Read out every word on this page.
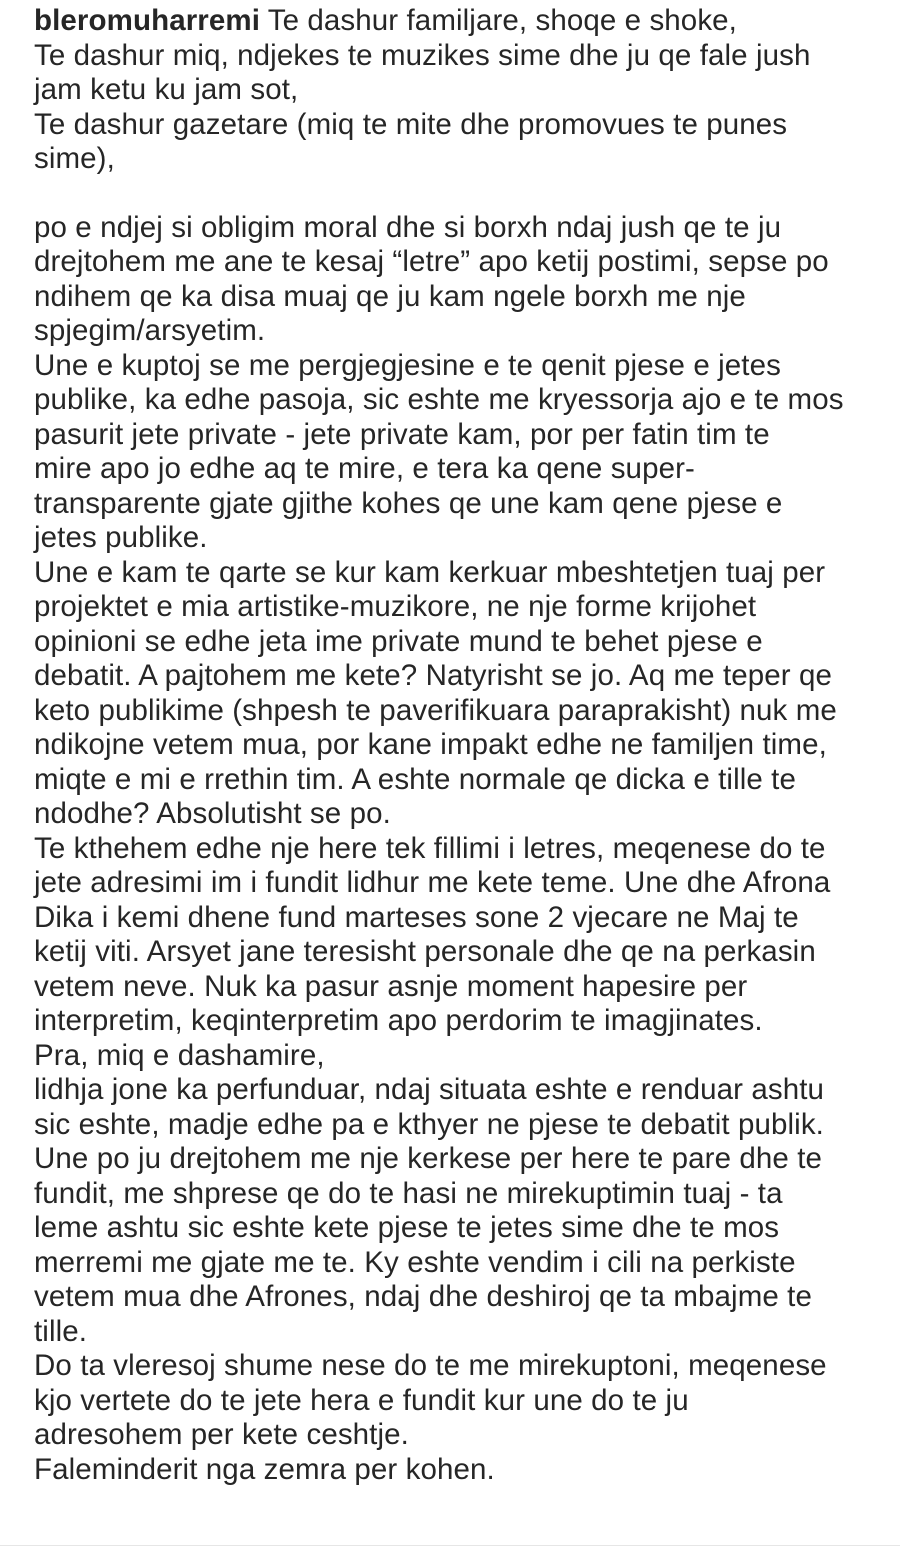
bleromuharremi Te dashur familjare, shoqe e shoke,

Te dashur miq, ndjekes te muzikes sime dhe ju qe fale jush
jam ketu ku jam sot,

Te dashur gazetare (miq te mite dhe promovues te punes
sime),

po e ndjej si obligim moral dhe si borxh ndaj jush qe te ju
drejtohem me ane te kesaj “letre” apo ketij postimi, sepse po
ndihem qe ka disa muaj qe ju kam ngele borxh me nje
spjegim/arsyetim.

Une e kuptoj se me pergjegjesine e te qenit pjese e jetes
publike, ka edhe pasoja, sic eshte me kryessorja ajo e te mos
pasurit jete private - jete private kam, por per fatin tim te
mire apo jo edhe aq te mire, e tera ka qene super-
transparente gjate gjithe kohes qe une kam qene pjese e
jetes publike.

Une e kam te qarte se kur kam kerkuar mbeshtetjen tuaj per
projektet e mia artistike-muzikore, ne nje forme krijohet
opinioni se edhe jeta ime private mund te behet pjese e
debatit. A pajtohem me kete? Natyrisht se jo. Aq me teper qe
keto publikime (shpesh te paverifikuara paraprakisht) nuk me
ndikojne vetem mua, por kane impakt edhe ne familjen time,
miqte e mi e rrethin tim. A eshte normale qe dicka e tille te
ndodhe? Absolutisht se po.

Te kthehem edhe nje here tek fillimi i letres, meqenese do te
jete adresimi im i fundit lidhur me kete teme. Une dhe Afrona
Dika i kemi dhene fund marteses sone 2 vjecare ne Maj te
ketij viti. Arsyet jane teresisht personale dhe qe na perkasin
vetem neve. Nuk ka pasur asnje moment hapesire per
interpretim, keqinterpretim apo perdorim te imagjinates.

Pra, miq e dashamire,

lidhja jone ka perfunduar, ndaj situata eshte e renduar ashtu
sic eshte, madje edhe pa e kthyer ne pjese te debatit publik.

Une po ju drejtohem me nje kerkese per here te pare dhe te
fundit, me shprese qe do te hasi ne mirekuptimin tuaj - ta
leme ashtu sic eshte kete pjese te jetes sime dhe te mos
merremi me gjate me te. Ky eshte vendim i cili na perkiste
vetem mua dhe Afrones, ndaj dhe deshiroj qe ta mbajme te
tille.

Do ta vleresoj shume nese do te me mirekuptoni, meqenese
kjo vertete do te jete hera e fundit kur une do te ju
adresohem per kete ceshtje.

Faleminderit nga zemra per kohen.
